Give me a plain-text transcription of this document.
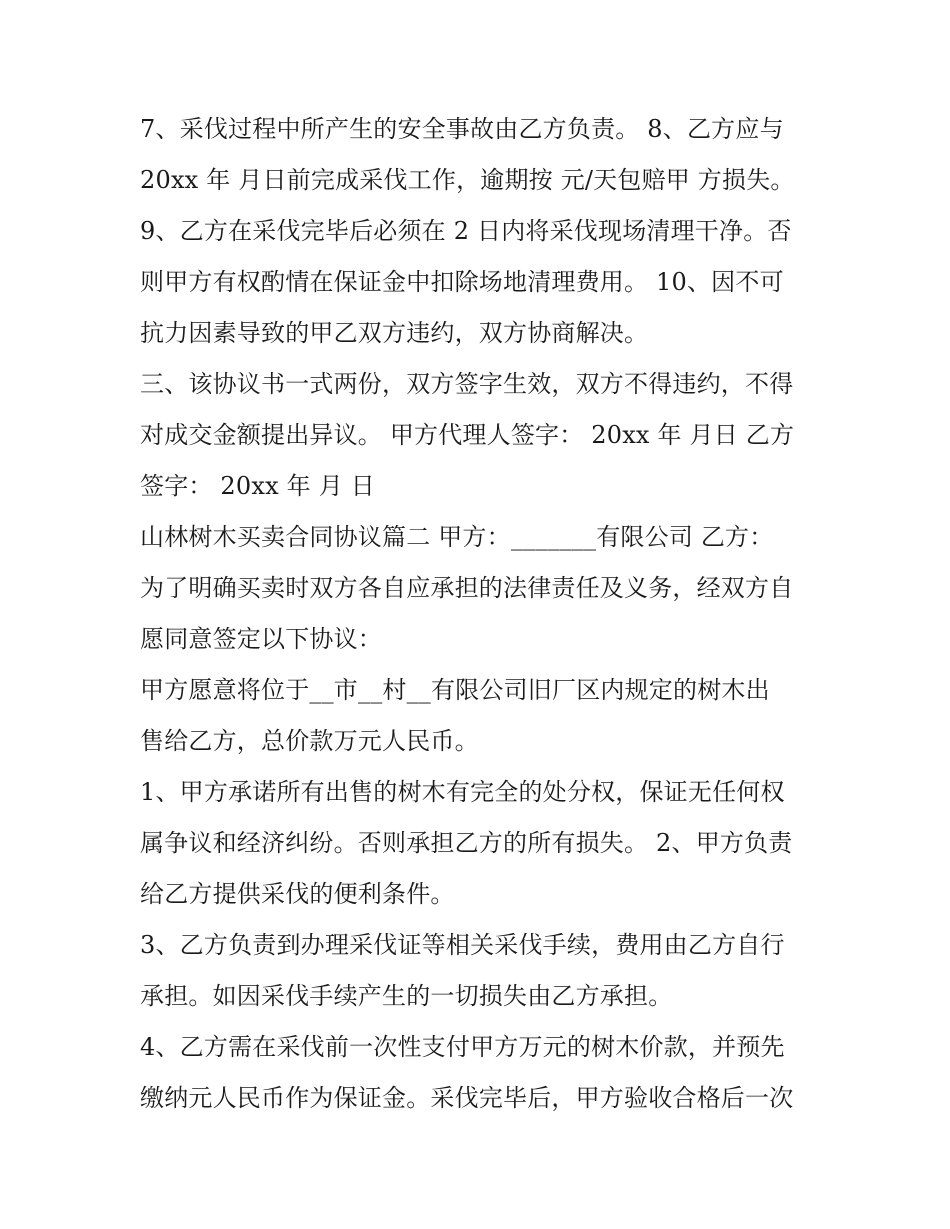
7、采伐过程中所产生的安全事故由乙方负责。 8、乙方应与
20xx 年 月日前完成采伐工作，逾期按 元/天包赔甲 方损失。
9、乙方在采伐完毕后必须在 2 日内将采伐现场清理干净。否
则甲方有权酌情在保证金中扣除场地清理费用。 10、因不可
抗力因素导致的甲乙双方违约，双方协商解决。
三、该协议书一式两份，双方签字生效，双方不得违约，不得
对成交金额提出异议。 甲方代理人签字： 20xx 年 月日 乙方
签字： 20xx 年 月 日
山林树木买卖合同协议篇二 甲方：_______有限公司 乙方：
为了明确买卖时双方各自应承担的法律责任及义务，经双方自
愿同意签定以下协议：
甲方愿意将位于__市__村__有限公司旧厂区内规定的树木出
售给乙方，总价款万元人民币。
1、甲方承诺所有出售的树木有完全的处分权，保证无任何权
属争议和经济纠纷。否则承担乙方的所有损失。 2、甲方负责
给乙方提供采伐的便利条件。
3、乙方负责到办理采伐证等相关采伐手续，费用由乙方自行
承担。如因采伐手续产生的一切损失由乙方承担。
4、乙方需在采伐前一次性支付甲方万元的树木价款，并预先
缴纳元人民币作为保证金。采伐完毕后，甲方验收合格后一次
